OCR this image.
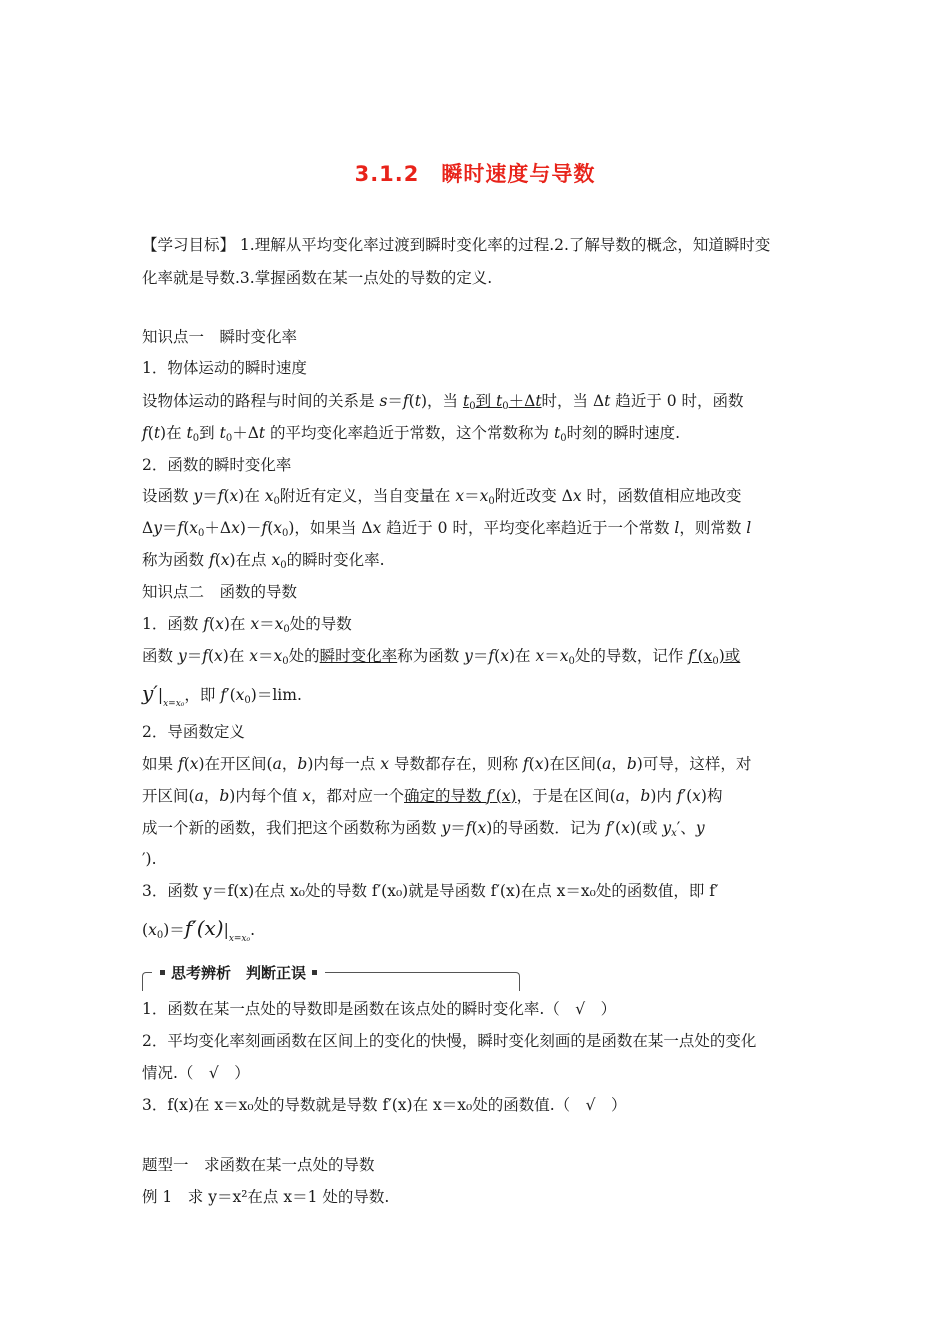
3.1.2　瞬时速度与导数
【学习目标】 1.理解从平均变化率过渡到瞬时变化率的过程.2.了解导数的概念，知道瞬时变
化率就是导数.3.掌握函数在某一点处的导数的定义.
知识点一　瞬时变化率
1．物体运动的瞬时速度
设物体运动的路程与时间的关系是 s＝f(t)，当 $t_0$到 $t_0+\Delta t$时，当 Δt 趋近于 0 时，函数
f(t)在 $t_0$到 $t_0+\Delta t$ 的平均变化率趋近于常数，这个常数称为 $t_0$时刻的瞬时速度.
2．函数的瞬时变化率
设函数 y＝f(x)在 $x_0$附近有定义，当自变量在 $x=x_0$附近改变 Δx 时，函数值相应地改变
$\Delta y=f(x_0+\Delta x)-f(x_0)$，如果当 Δx 趋近于 0 时，平均变化率趋近于一个常数 l，则常数 l
称为函数 f(x)在点 $x_0$的瞬时变化率.
知识点二　函数的导数
1．函数 f(x)在 $x=x_0$处的导数
函数 y＝f(x)在 $x=x_0$处的瞬时变化率称为函数 y＝f(x)在 $x=x_0$处的导数，记作 $f'(x_0)$或
$y'|_{x=x_0}$，即 $f'(x_0)=\lim$.
2．导函数定义
如果 f(x)在开区间(a，b)内每一点 x 导数都存在，则称 f(x)在区间(a，b)可导，这样，对
开区间(a，b)内每个值 x，都对应一个确定的导数 f′(x)，于是在区间(a，b)内 f′(x)构
成一个新的函数，我们把这个函数称为函数 y＝f(x)的导函数．记为 f′(x)(或 $y_x'$、y
′).
3．函数 y＝f(x)在点 x₀处的导数 f′(x₀)就是导函数 f′(x)在点 x＝x₀处的函数值，即 f′
$(x_0)=f'(x)|_{x=x_0}$.
思考辨析　判断正误
1．函数在某一点处的导数即是函数在该点处的瞬时变化率.（　√　）
2．平均变化率刻画函数在区间上的变化的快慢，瞬时变化刻画的是函数在某一点处的变化
情况.（　√　）
3．f(x)在 x＝x₀处的导数就是导数 f′(x)在 x＝x₀处的函数值.（　√　）
题型一　求函数在某一点处的导数
例 1　求 y＝x²在点 x＝1 处的导数.
